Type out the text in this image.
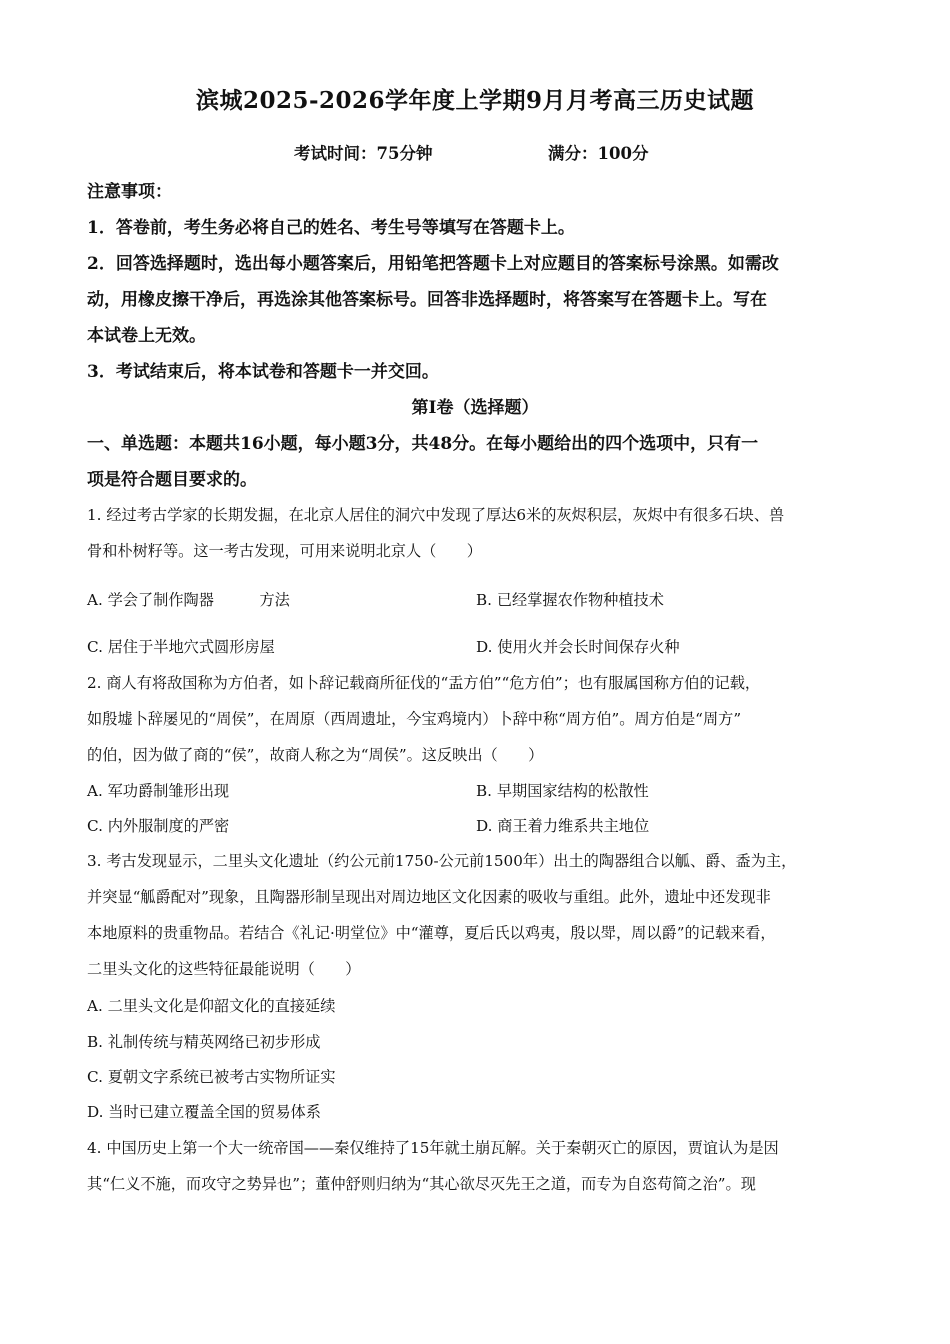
滨城2025-2026学年度上学期9月月考高三历史试题
考试时间：75分钟	满分：100分
注意事项：
1．答卷前，考生务必将自己的姓名、考生号等填写在答题卡上。
2．回答选择题时，选出每小题答案后，用铅笔把答题卡上对应题目的答案标号涂黑。如需改
动，用橡皮擦干净后，再选涂其他答案标号。回答非选择题时，将答案写在答题卡上。写在
本试卷上无效。
3．考试结束后，将本试卷和答题卡一并交回。
第Ⅰ卷（选择题）
一、单选题：本题共16小题，每小题3分，共48分。在每小题给出的四个选项中，只有一
项是符合题目要求的。
1. 经过考古学家的长期发掘，在北京人居住的洞穴中发现了厚达6米的灰烬积层，灰烬中有很多石块、兽
骨和朴树籽等。这一考古发现，可用来说明北京人（　　）
A. 学会了制作陶器　　　方法	B. 已经掌握农作物种植技术
C. 居住于半地穴式圆形房屋	D. 使用火并会长时间保存火种
2. 商人有将敌国称为方伯者，如卜辞记载商所征伐的“盂方伯”“危方伯”；也有服属国称方伯的记载，
如殷墟卜辞屡见的“周侯”，在周原（西周遗址，今宝鸡境内）卜辞中称“周方伯”。周方伯是“周方”
的伯，因为做了商的“侯”，故商人称之为“周侯”。这反映出（　　）
A. 军功爵制雏形出现	B. 早期国家结构的松散性
C. 内外服制度的严密	D. 商王着力维系共主地位
3. 考古发现显示，二里头文化遗址（约公元前1750-公元前1500年）出土的陶器组合以觚、爵、盉为主，
并突显“觚爵配对”现象，且陶器形制呈现出对周边地区文化因素的吸收与重组。此外，遗址中还发现非
本地原料的贵重物品。若结合《礼记·明堂位》中“灌尊，夏后氏以鸡夷，殷以斝，周以爵”的记载来看，
二里头文化的这些特征最能说明（　　）
A. 二里头文化是仰韶文化的直接延续
B. 礼制传统与精英网络已初步形成
C. 夏朝文字系统已被考古实物所证实
D. 当时已建立覆盖全国的贸易体系
4. 中国历史上第一个大一统帝国——秦仅维持了15年就土崩瓦解。关于秦朝灭亡的原因，贾谊认为是因
其“仁义不施，而攻守之势异也”；董仲舒则归纳为“其心欲尽灭先王之道，而专为自恣苟简之治”。现
